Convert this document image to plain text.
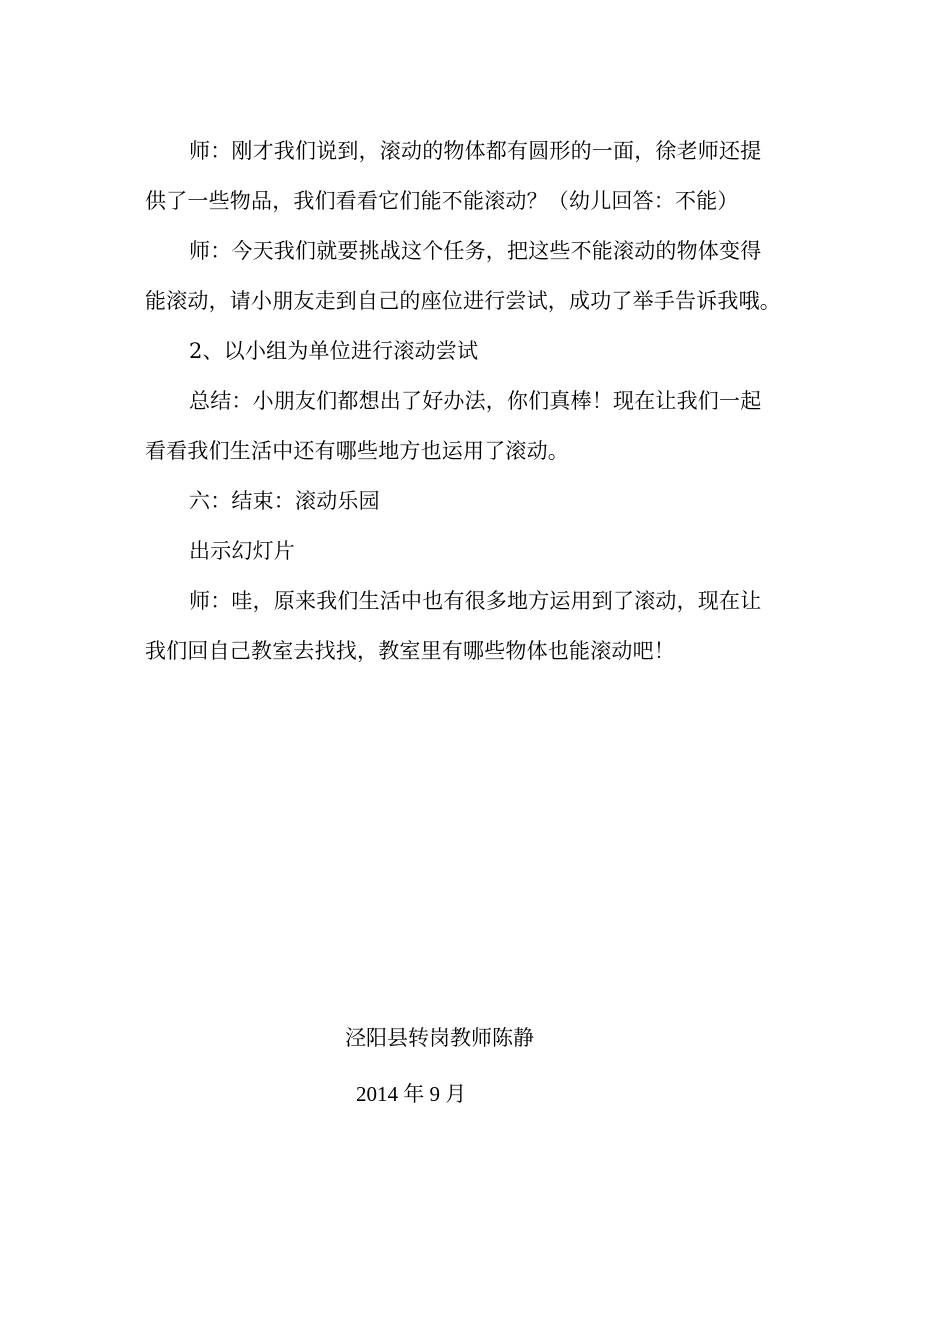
师：刚才我们说到，滚动的物体都有圆形的一面，徐老师还提
供了一些物品，我们看看它们能不能滚动？（幼儿回答：不能）
师：今天我们就要挑战这个任务，把这些不能滚动的物体变得
能滚动，请小朋友走到自己的座位进行尝试，成功了举手告诉我哦。
2、以小组为单位进行滚动尝试
总结：小朋友们都想出了好办法，你们真棒！现在让我们一起
看看我们生活中还有哪些地方也运用了滚动。
六：结束：滚动乐园
出示幻灯片
师：哇，原来我们生活中也有很多地方运用到了滚动，现在让
我们回自己教室去找找，教室里有哪些物体也能滚动吧！
泾阳县转岗教师陈静
2014 年 9 月
